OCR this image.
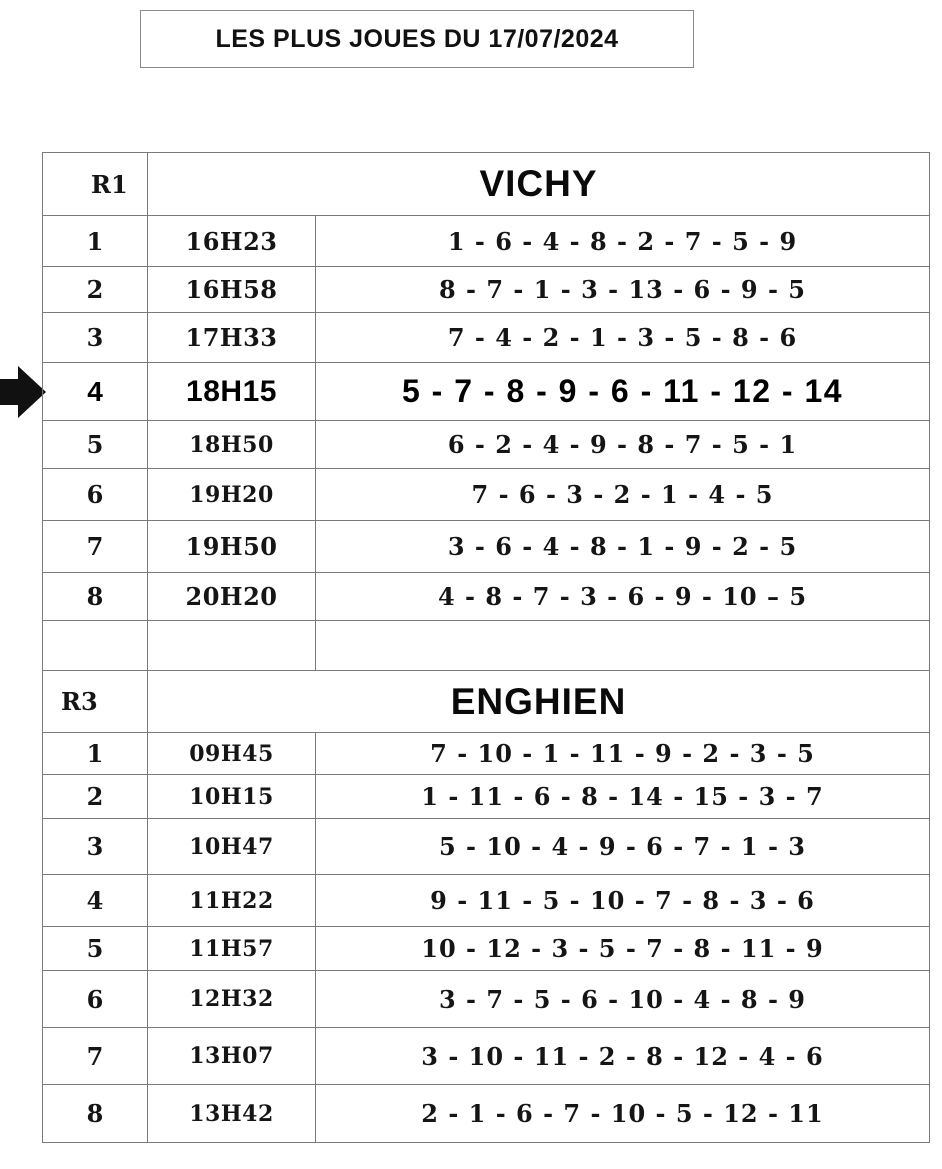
LES PLUS JOUES DU 17/07/2024
R1	VICHY	
1	16H23	1 - 6 - 4 - 8 - 2 - 7 - 5 - 9
2	16H58	8 - 7 - 1 - 3 - 13 - 6 - 9 - 5
3	17H33	7 - 4 - 2 - 1 - 3 - 5 - 8 - 6
4	18H15	5 - 7 - 8 - 9 - 6 - 11 - 12 - 14
5	18H50	6 - 2 - 4 - 9 - 8 - 7 - 5 - 1
6	19H20	7 - 6 - 3 - 2 - 1 - 4 - 5
7	19H50	3 - 6 - 4 - 8 - 1 - 9 - 2 - 5
8	20H20	4 - 8 - 7 - 3 - 6 - 9 - 10 – 5

R3	ENGHIEN	
1	09H45	7 - 10 - 1 - 11 - 9 - 2 - 3 - 5
2	10H15	1 - 11 - 6 - 8 - 14 - 15 - 3 - 7
3	10H47	5 - 10 - 4 - 9 - 6 - 7 - 1 - 3
4	11H22	9 - 11 - 5 - 10 - 7 - 8 - 3 - 6
5	11H57	10 - 12 - 3 - 5 - 7 - 8 - 11 - 9
6	12H32	3 - 7 - 5 - 6 - 10 - 4 - 8 - 9
7	13H07	3 - 10 - 11 - 2 - 8 - 12 - 4 - 6
8	13H42	2 - 1 - 6 - 7 - 10 - 5 - 12 - 11
